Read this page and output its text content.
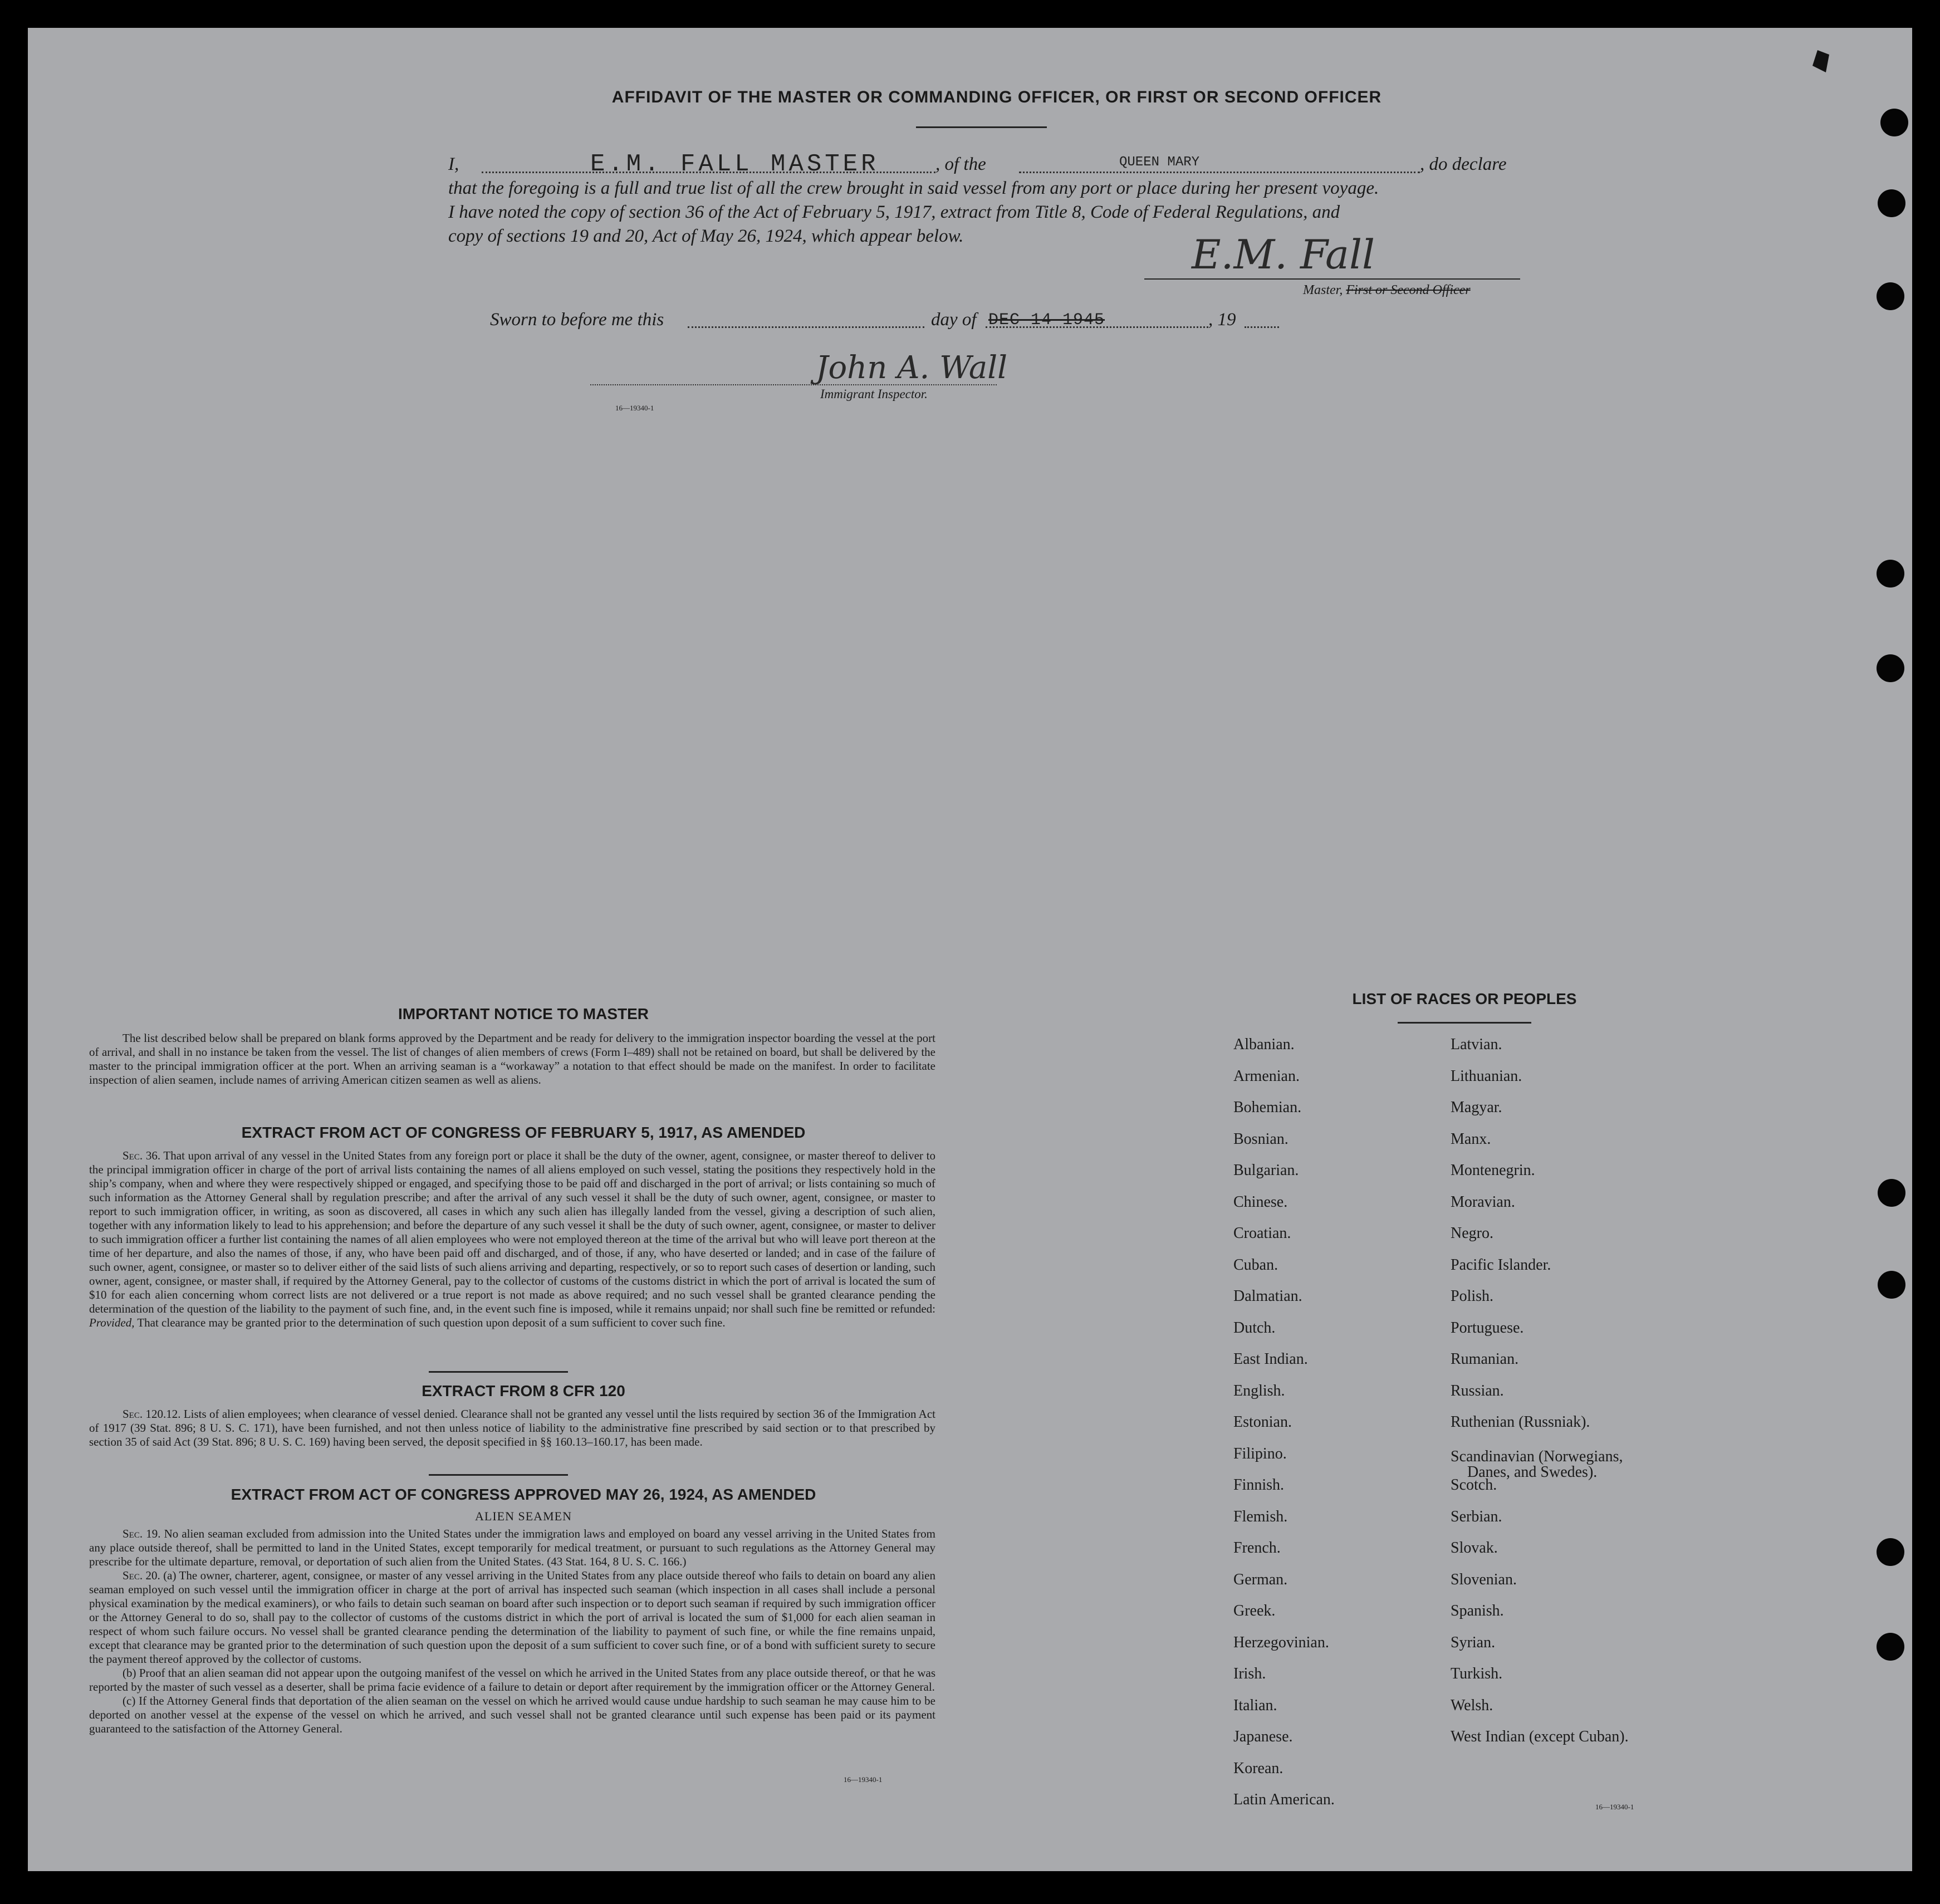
AFFIDAVIT OF THE MASTER OR COMMANDING OFFICER, OR FIRST OR SECOND OFFICER
I,	E.M. FALL MASTER	, of the	QUEEN MARY	, do declare
that the foregoing is a full and true list of all the crew brought in said vessel from any port or place during her present voyage.
I have noted the copy of section 36 of the Act of February 5, 1917, extract from Title 8, Code of Federal Regulations, and
copy of sections 19 and 20, Act of May 26, 1924, which appear below.	E.M. Fall
Master, First or Second Officer
Sworn to before me this	day of DEC 14 1945	, 19
John A. Wall
Immigrant Inspector.
16—19340-1
IMPORTANT NOTICE TO MASTER
The list described below shall be prepared on blank forms approved by the Department and be ready for delivery to the immigration inspector boarding the vessel at the port of arrival, and shall in no instance be taken from the vessel. The list of changes of alien members of crews (Form I–489) shall not be retained on board, but shall be delivered by the master to the principal immigration officer at the port. When an arriving seaman is a “workaway” a notation to that effect should be made on the manifest. In order to facilitate inspection of alien seamen, include names of arriving American citizen seamen as well as aliens.
EXTRACT FROM ACT OF CONGRESS OF FEBRUARY 5, 1917, AS AMENDED
Sec. 36. That upon arrival of any vessel in the United States from any foreign port or place it shall be the duty of the owner, agent, consignee, or master thereof to deliver to the principal immigration officer in charge of the port of arrival lists containing the names of all aliens employed on such vessel, stating the positions they respectively hold in the ship’s company, when and where they were respectively shipped or engaged, and specifying those to be paid off and discharged in the port of arrival; or lists containing so much of such information as the Attorney General shall by regulation prescribe; and after the arrival of any such vessel it shall be the duty of such owner, agent, consignee, or master to report to such immigration officer, in writing, as soon as discovered, all cases in which any such alien has illegally landed from the vessel, giving a description of such alien, together with any information likely to lead to his apprehension; and before the departure of any such vessel it shall be the duty of such owner, agent, consignee, or master to deliver to such immigration officer a further list containing the names of all alien employees who were not employed thereon at the time of the arrival but who will leave port thereon at the time of her departure, and also the names of those, if any, who have been paid off and discharged, and of those, if any, who have deserted or landed; and in case of the failure of such owner, agent, consignee, or master so to deliver either of the said lists of such aliens arriving and departing, respectively, or so to report such cases of desertion or landing, such owner, agent, consignee, or master shall, if required by the Attorney General, pay to the collector of customs of the customs district in which the port of arrival is located the sum of $10 for each alien concerning whom correct lists are not delivered or a true report is not made as above required; and no such vessel shall be granted clearance pending the determination of the question of the liability to the payment of such fine, and, in the event such fine is imposed, while it remains unpaid; nor shall such fine be remitted or refunded: Provided, That clearance may be granted prior to the determination of such question upon deposit of a sum sufficient to cover such fine.
EXTRACT FROM 8 CFR 120
Sec. 120.12. Lists of alien employees; when clearance of vessel denied. Clearance shall not be granted any vessel until the lists required by section 36 of the Immigration Act of 1917 (39 Stat. 896; 8 U. S. C. 171), have been furnished, and not then unless notice of liability to the administrative fine prescribed by said section or to that prescribed by section 35 of said Act (39 Stat. 896; 8 U. S. C. 169) having been served, the deposit specified in §§ 160.13–160.17, has been made.
EXTRACT FROM ACT OF CONGRESS APPROVED MAY 26, 1924, AS AMENDED
ALIEN SEAMEN
Sec. 19. No alien seaman excluded from admission into the United States under the immigration laws and employed on board any vessel arriving in the United States from any place outside thereof, shall be permitted to land in the United States, except temporarily for medical treatment, or pursuant to such regulations as the Attorney General may prescribe for the ultimate departure, removal, or deportation of such alien from the United States. (43 Stat. 164, 8 U. S. C. 166.)
Sec. 20. (a) The owner, charterer, agent, consignee, or master of any vessel arriving in the United States from any place outside thereof who fails to detain on board any alien seaman employed on such vessel until the immigration officer in charge at the port of arrival has inspected such seaman (which inspection in all cases shall include a personal physical examination by the medical examiners), or who fails to detain such seaman on board after such inspection or to deport such seaman if required by such immigration officer or the Attorney General to do so, shall pay to the collector of customs of the customs district in which the port of arrival is located the sum of $1,000 for each alien seaman in respect of whom such failure occurs. No vessel shall be granted clearance pending the determination of the liability to payment of such fine, or while the fine remains unpaid, except that clearance may be granted prior to the determination of such question upon the deposit of a sum sufficient to cover such fine, or of a bond with sufficient surety to secure the payment thereof approved by the collector of customs.
(b) Proof that an alien seaman did not appear upon the outgoing manifest of the vessel on which he arrived in the United States from any place outside thereof, or that he was reported by the master of such vessel as a deserter, shall be prima facie evidence of a failure to detain or deport after requirement by the immigration officer or the Attorney General.
(c) If the Attorney General finds that deportation of the alien seaman on the vessel on which he arrived would cause undue hardship to such seaman he may cause him to be deported on another vessel at the expense of the vessel on which he arrived, and such vessel shall not be granted clearance until such expense has been paid or its payment guaranteed to the satisfaction of the Attorney General.
16—19340-1
LIST OF RACES OR PEOPLES
16—19340-1
Albanian.
Armenian.
Bohemian.
Bosnian.
Bulgarian.
Chinese.
Croatian.
Cuban.
Dalmatian.
Dutch.
East Indian.
English.
Estonian.
Filipino.
Finnish.
Flemish.
French.
German.
Greek.
Herzegovinian.
Irish.
Italian.
Japanese.
Korean.
Latin American.
Latvian.
Lithuanian.
Magyar.
Manx.
Montenegrin.
Moravian.
Negro.
Pacific Islander.
Polish.
Portuguese.
Rumanian.
Russian.
Ruthenian (Russniak).
Scandinavian (Norwegians,
Danes, and Swedes).
Scotch.
Serbian.
Slovak.
Slovenian.
Spanish.
Syrian.
Turkish.
Welsh.
West Indian (except Cuban).
